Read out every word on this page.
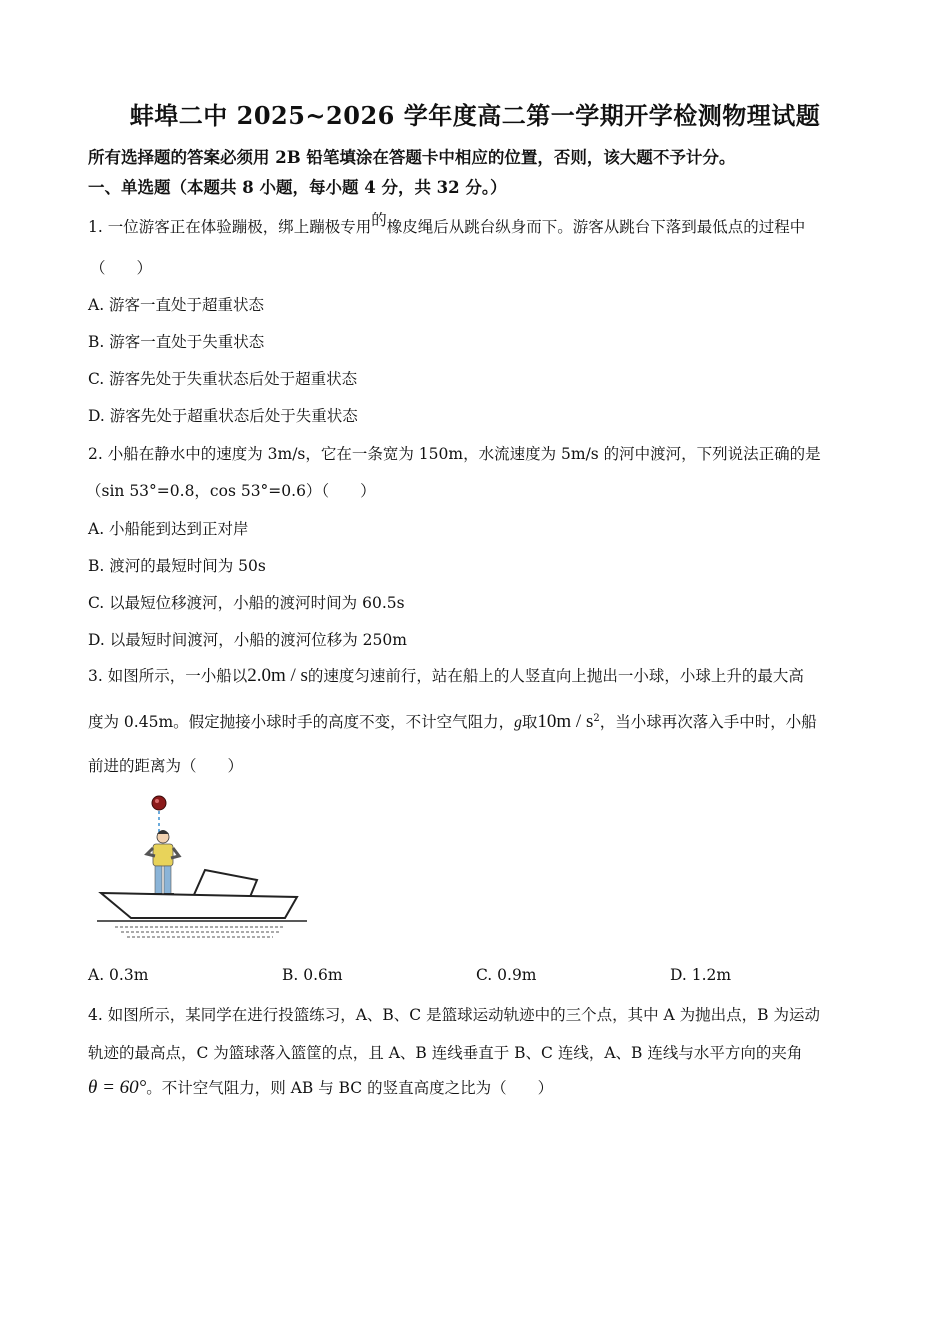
蚌埠二中 2025~2026 学年度高二第一学期开学检测物理试题
所有选择题的答案必须用 2B 铅笔填涂在答题卡中相应的位置，否则，该大题不予计分。
一、单选题（本题共 8 小题，每小题 4 分，共 32 分。）
1. 一位游客正在体验蹦极，绑上蹦极专用的橡皮绳后从跳台纵身而下。游客从跳台下落到最低点的过程中
（　　）
A. 游客一直处于超重状态
B. 游客一直处于失重状态
C. 游客先处于失重状态后处于超重状态
D. 游客先处于超重状态后处于失重状态
2. 小船在静水中的速度为 3m/s，它在一条宽为 150m，水流速度为 5m/s 的河中渡河，下列说法正确的是
（sin 53°=0.8，cos 53°=0.6）（　　）
A. 小船能到达到正对岸
B. 渡河的最短时间为 50s
C. 以最短位移渡河，小船的渡河时间为 60.5s
D. 以最短时间渡河，小船的渡河位移为 250m
3. 如图所示，一小船以2.0m / s的速度匀速前行，站在船上的人竖直向上抛出一小球，小球上升的最大高
度为 0.45m。假定抛接小球时手的高度不变，不计空气阻力，g取$10m / s^2$，当小球再次落入手中时，小船
前进的距离为（　　）
A. 0.3m	B. 0.6m	C. 0.9m	D. 1.2m
4. 如图所示，某同学在进行投篮练习，A、B、C 是篮球运动轨迹中的三个点，其中 A 为抛出点，B 为运动
轨迹的最高点，C 为篮球落入篮筐的点，且 A、B 连线垂直于 B、C 连线，A、B 连线与水平方向的夹角
θ = 60°。不计空气阻力，则 AB 与 BC 的竖直高度之比为（　　）
